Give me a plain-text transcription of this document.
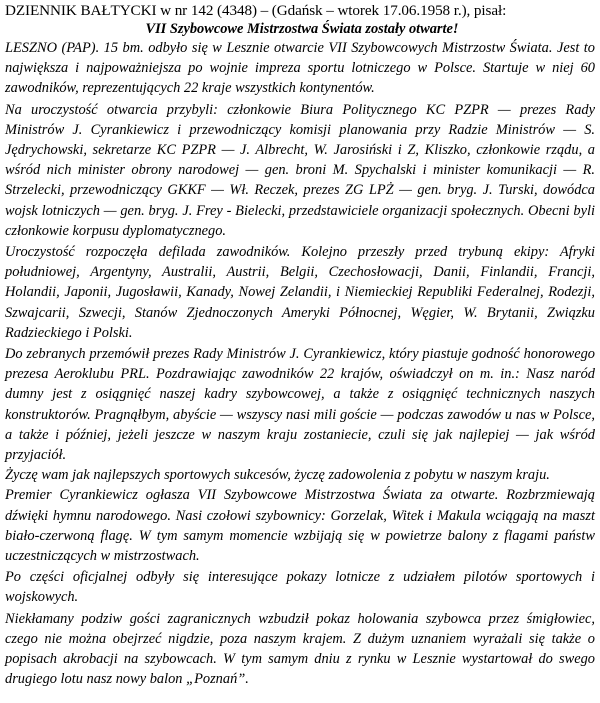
DZIENNIK BAŁTYCKI w nr 142 (4348) – (Gdańsk – wtorek 17.06.1958 r.), pisał:
VII Szybowcowe Mistrzostwa Świata zostały otwarte!

LESZNO (PAP). 15 bm. odbyło się w Lesznie otwarcie VII Szybowcowych Mistrzostw Świata. Jest to największa i najpoważniejsza po wojnie impreza sportu lotniczego w Polsce. Startuje w niej 60 zawodników, reprezentujących 22 kraje wszystkich kontynentów.

Na uroczystość otwarcia przybyli: członkowie Biura Politycznego KC PZPR — prezes Rady Ministrów J. Cyrankiewicz i przewodniczący komisji planowania przy Radzie Ministrów — S. Jędrychowski, sekretarze KC PZPR — J. Albrecht, W. Jarosiński i Z, Kliszko, członkowie rządu, a wśród nich minister obrony narodowej — gen. broni M. Spychalski i minister komunikacji — R. Strzelecki, przewodniczący GKKF — Wł. Reczek, prezes ZG LPŻ — gen. bryg. J. Turski, dowódca wojsk lotniczych — gen. bryg. J. Frey - Bielecki, przedstawiciele organizacji społecznych. Obecni byli członkowie korpusu dyplomatycznego.

Uroczystość rozpoczęła defilada zawodników. Kolejno przeszły przed trybuną ekipy: Afryki południowej, Argentyny, Australii, Austrii, Belgii, Czechosłowacji, Danii, Finlandii, Francji, Holandii, Japonii, Jugosławii, Kanady, Nowej Zelandii, i Niemieckiej Republiki Federalnej, Rodezji, Szwajcarii, Szwecji, Stanów Zjednoczonych Ameryki Północnej, Węgier, W. Brytanii, Związku Radzieckiego i Polski.

Do zebranych przemówił prezes Rady Ministrów J. Cyrankiewicz, który piastuje godność honorowego prezesa Aeroklubu PRL. Pozdrawiając zawodników 22 krajów, oświadczył on m. in.: Nasz naród dumny jest z osiągnięć naszej kadry szybowcowej, a także z osiągnięć technicznych naszych konstruktorów. Pragnąłbym, abyście — wszyscy nasi mili goście — podczas zawodów u nas w Polsce, a także i później, jeżeli jeszcze w naszym kraju zostaniecie, czuli się jak najlepiej — jak wśród przyjaciół.

Życzę wam jak najlepszych sportowych sukcesów, życzę zadowolenia z pobytu w naszym kraju.

Premier Cyrankiewicz ogłasza VII Szybowcowe Mistrzostwa Świata za otwarte. Rozbrzmiewają dźwięki hymnu narodowego. Nasi czołowi szybownicy: Gorzelak, Witek i Makula wciągają na maszt biało-czerwoną flagę. W tym samym momencie wzbijają się w powietrze balony z flagami państw uczestniczących w mistrzostwach.

Po części oficjalnej odbyły się interesujące pokazy lotnicze z udziałem pilotów sportowych i wojskowych.

Niekłamany podziw gości zagranicznych wzbudził pokaz holowania szybowca przez śmigłowiec, czego nie można obejrzeć nigdzie, poza naszym krajem. Z dużym uznaniem wyrażali się także o popisach akrobacji na szybowcach. W tym samym dniu z rynku w Lesznie wystartował do swego drugiego lotu nasz nowy balon „Poznań”.
